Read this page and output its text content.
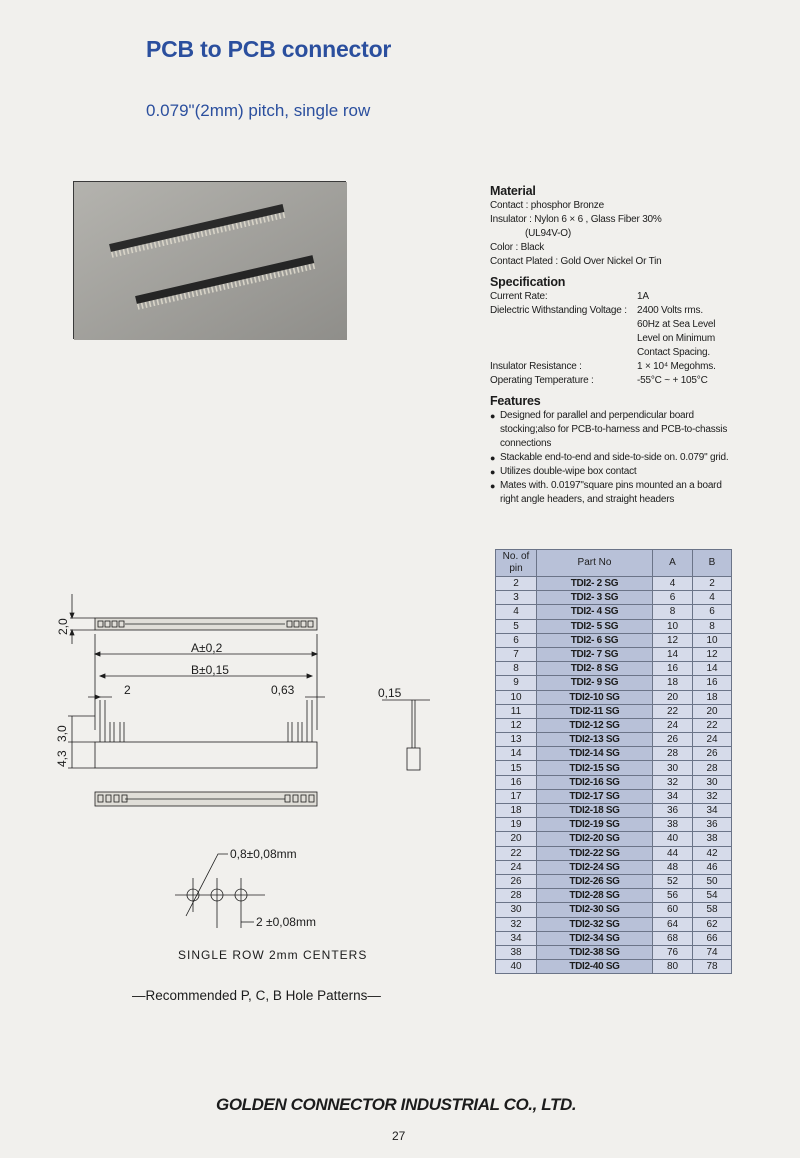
PCB to PCB connector
0.079"(2mm) pitch, single row
Material
Contact : phosphor Bronze
Insulator : Nylon 6 × 6 , Glass Fiber 30%
(UL94V-O)
Color : Black
Contact Plated : Gold Over Nickel Or Tin
Specification
Current Rate:	1A
Dielectric Withstanding Voltage :	2400 Volts rms.
60Hz at Sea Level
Level on Minimum
Contact Spacing.
Insulator Resistance :	1 × 10⁴ Megohms.
Operating Temperature :	-55°C ~ + 105°C
Features
● Designed for parallel and perpendicular board stocking;also for PCB-to-harness and PCB-to-chassis connections
● Stackable end-to-end and side-to-side on. 0.079" grid.
● Utilizes double-wipe box contact
● Mates with. 0.0197"square pins mounted an a board right angle headers, and straight headers
No. of pin	Part No	A	B
2	TDI2- 2 SG	4	2
3	TDI2- 3 SG	6	4
4	TDI2- 4 SG	8	6
5	TDI2- 5 SG	10	8
6	TDI2- 6 SG	12	10
7	TDI2- 7 SG	14	12
8	TDI2- 8 SG	16	14
9	TDI2- 9 SG	18	16
10	TDI2-10 SG	20	18
11	TDI2-11 SG	22	20
12	TDI2-12 SG	24	22
13	TDI2-13 SG	26	24
14	TDI2-14 SG	28	26
15	TDI2-15 SG	30	28
16	TDI2-16 SG	32	30
17	TDI2-17 SG	34	32
18	TDI2-18 SG	36	34
19	TDI2-19 SG	38	36
20	TDI2-20 SG	40	38
22	TDI2-22 SG	44	42
24	TDI2-24 SG	48	46
26	TDI2-26 SG	52	50
28	TDI2-28 SG	56	54
30	TDI2-30 SG	60	58
32	TDI2-32 SG	64	62
34	TDI2-34 SG	68	66
38	TDI2-38 SG	76	74
40	TDI2-40 SG	80	78
2,0
A±0,2
B±0,15
2	0,63
4,3
3,0
0,15
0,8±0,08mm
2 ±0,08mm
SINGLE ROW 2mm CENTERS
—Recommended P, C, B Hole Patterns—
GOLDEN CONNECTOR INDUSTRIAL CO., LTD.
27
